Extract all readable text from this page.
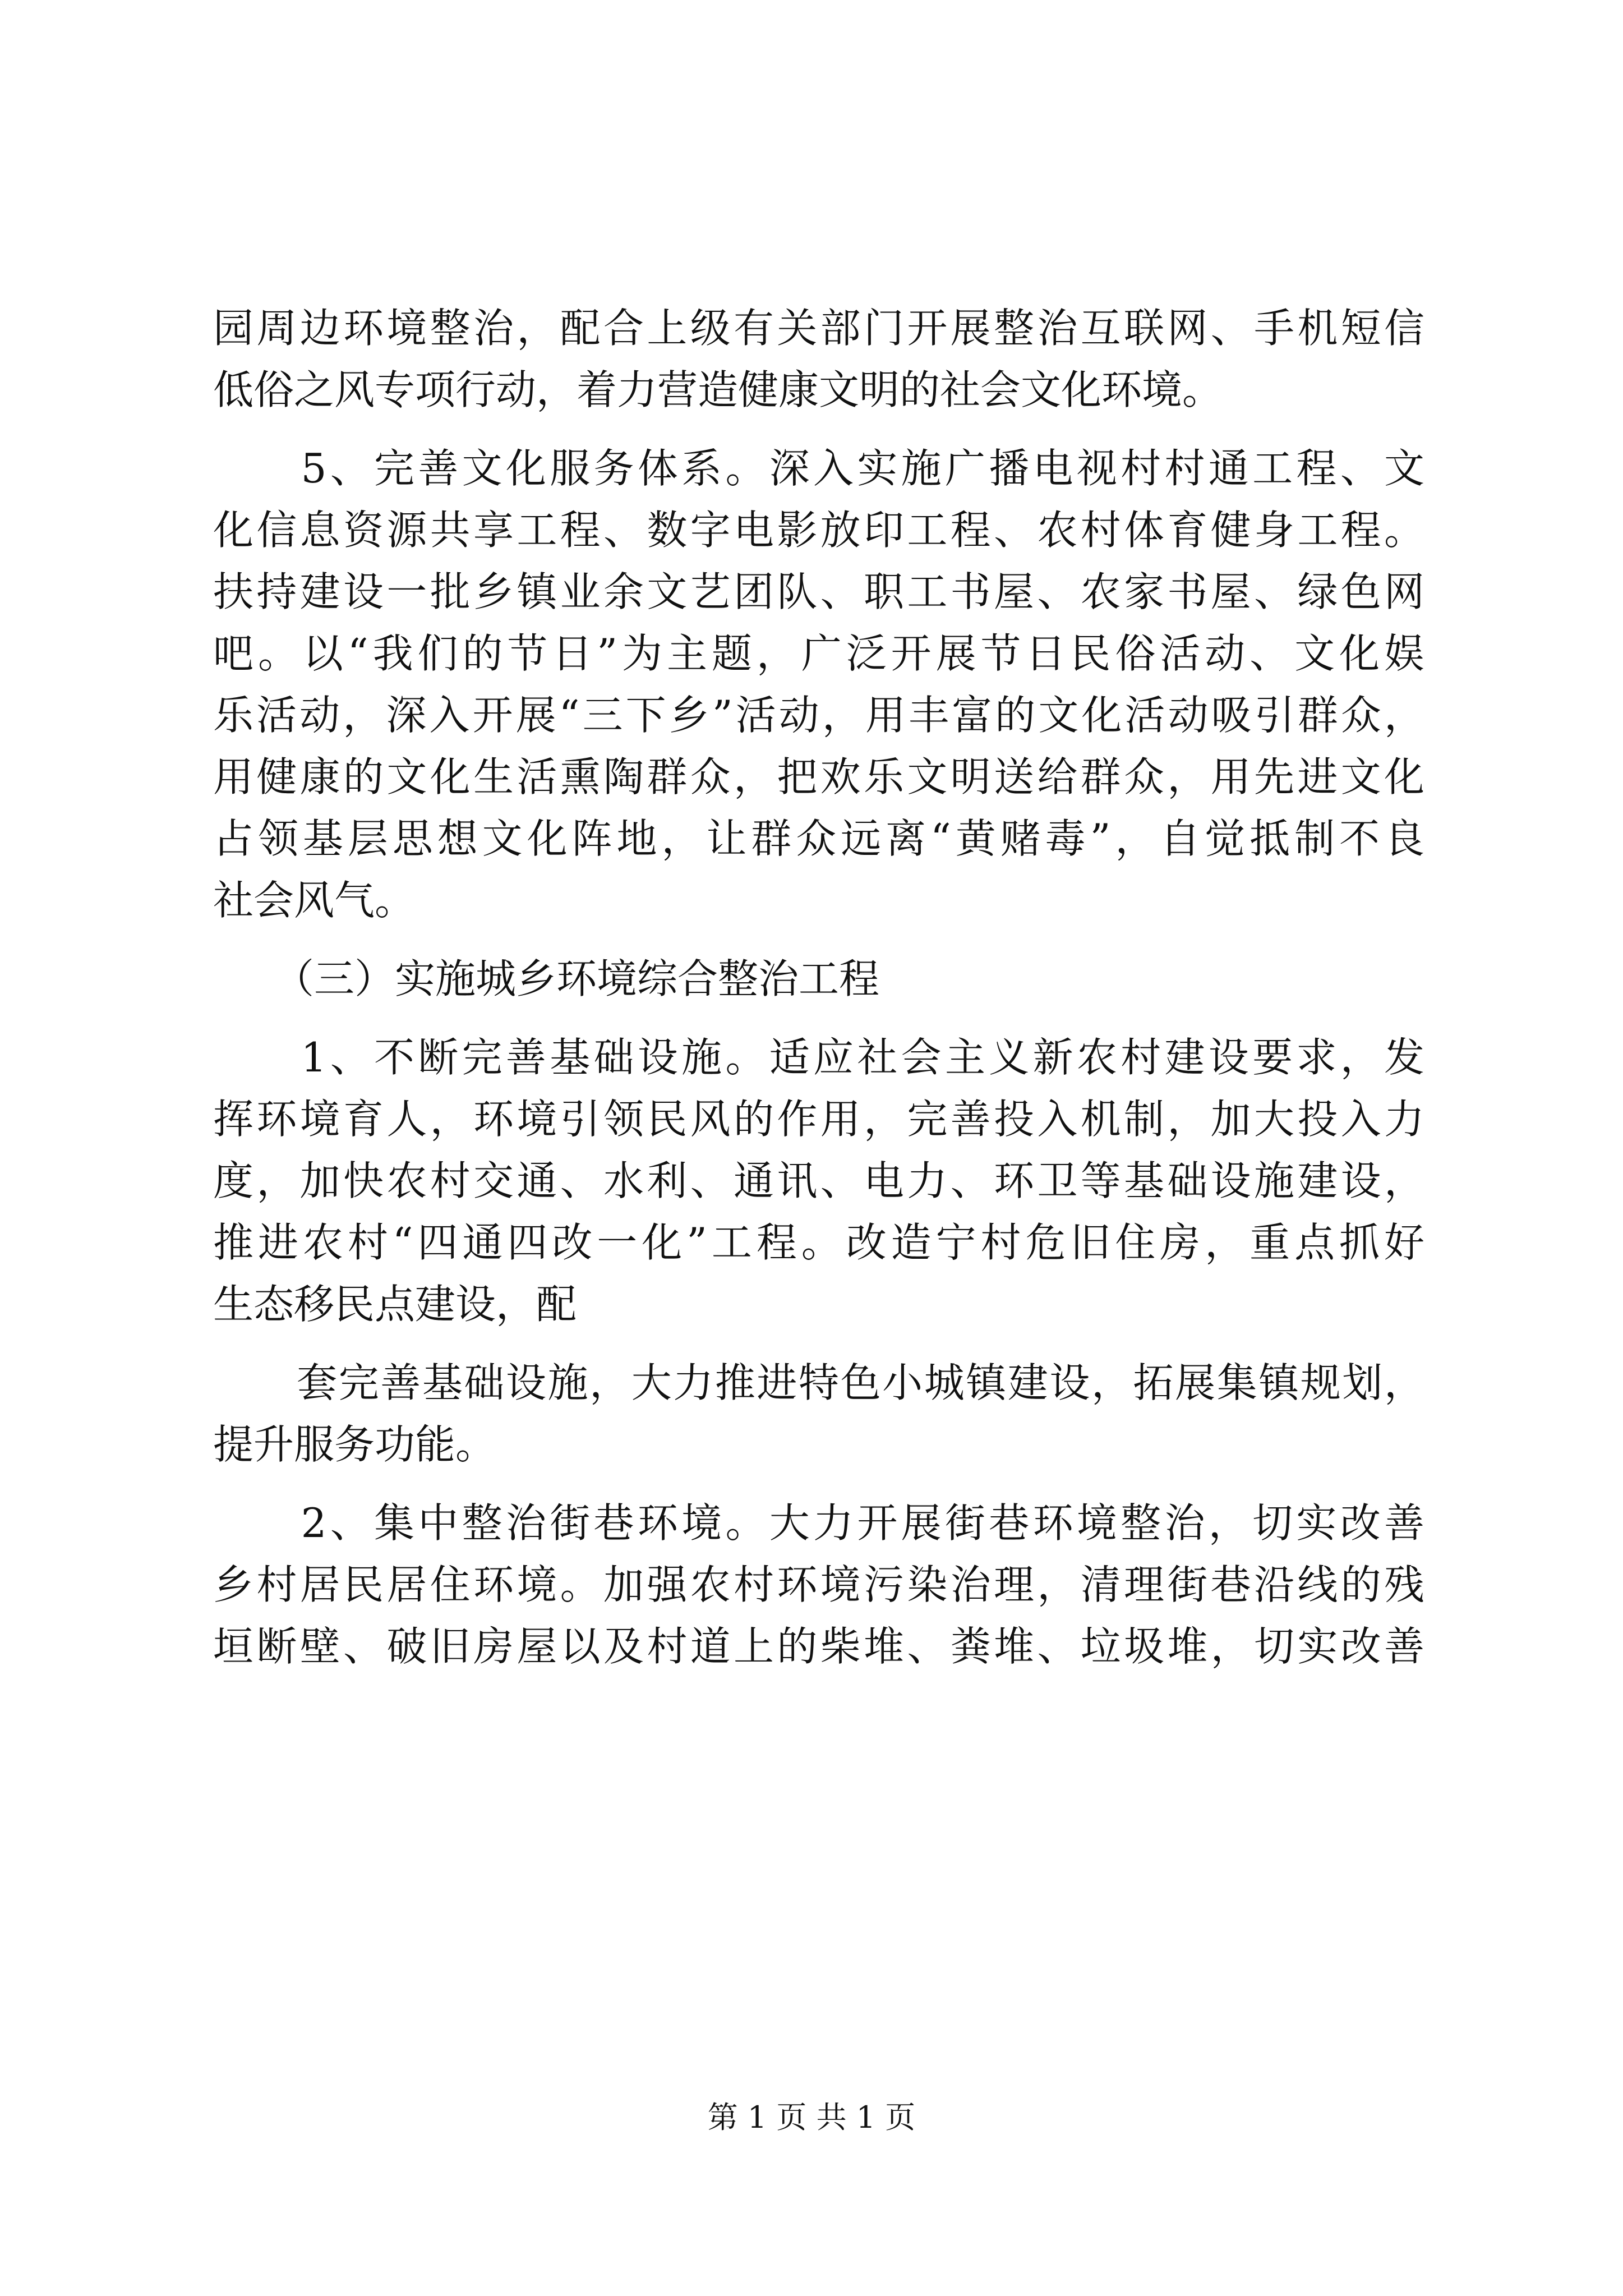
园周边环境整治，配合上级有关部门开展整治互联网、手机短信
低俗之风专项行动，着力营造健康文明的社会文化环境。
　　5、完善文化服务体系。深入实施广播电视村村通工程、文
化信息资源共享工程、数字电影放印工程、农村体育健身工程。
扶持建设一批乡镇业余文艺团队、职工书屋、农家书屋、绿色网
吧。以“我们的节日”为主题，广泛开展节日民俗活动、文化娱
乐活动，深入开展“三下乡”活动，用丰富的文化活动吸引群众，
用健康的文化生活熏陶群众，把欢乐文明送给群众，用先进文化
占领基层思想文化阵地，让群众远离“黄赌毒”，自觉抵制不良
社会风气。
　　（三）实施城乡环境综合整治工程
　　1、不断完善基础设施。适应社会主义新农村建设要求，发
挥环境育人，环境引领民风的作用，完善投入机制，加大投入力
度，加快农村交通、水利、通讯、电力、环卫等基础设施建设，
推进农村“四通四改一化”工程。改造宁村危旧住房，重点抓好
生态移民点建设，配
　　套完善基础设施，大力推进特色小城镇建设，拓展集镇规划，
提升服务功能。
　　2、集中整治街巷环境。大力开展街巷环境整治，切实改善
乡村居民居住环境。加强农村环境污染治理，清理街巷沿线的残
垣断壁、破旧房屋以及村道上的柴堆、粪堆、垃圾堆，切实改善
第 1 页 共 1 页
